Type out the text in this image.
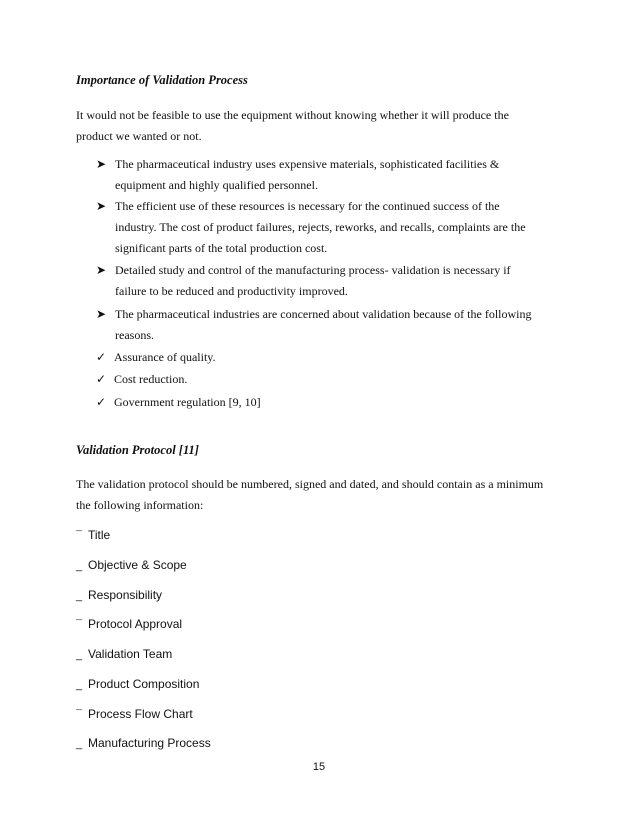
Importance of Validation Process
It would not be feasible to use the equipment without knowing whether it will produce the
product we wanted or not.
➤ The pharmaceutical industry uses expensive materials, sophisticated facilities &
equipment and highly qualified personnel.
➤ The efficient use of these resources is necessary for the continued success of the
industry. The cost of product failures, rejects, reworks, and recalls, complaints are the
significant parts of the total production cost.
➤ Detailed study and control of the manufacturing process- validation is necessary if
failure to be reduced and productivity improved.
➤ The pharmaceutical industries are concerned about validation because of the following
reasons.
✓ Assurance of quality.
✓ Cost reduction.
✓ Government regulation [9, 10]
Validation Protocol [11]
The validation protocol should be numbered, signed and dated, and should contain as a minimum
the following information:
¯ Title
_ Objective & Scope
_ Responsibility
¯ Protocol Approval
_ Validation Team
_ Product Composition
¯ Process Flow Chart
_ Manufacturing Process
15
